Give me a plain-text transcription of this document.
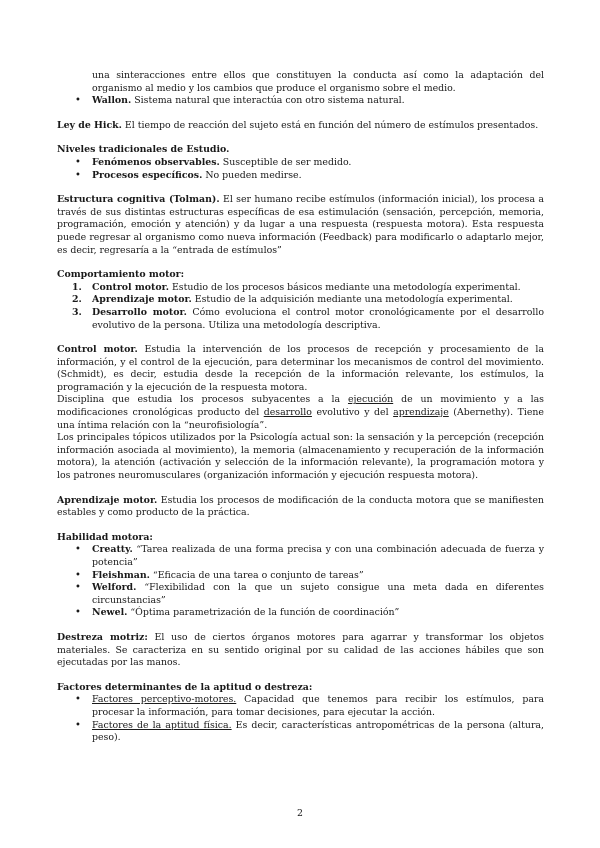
una sinteracciones entre ellos que constituyen la conducta así como la adaptación del organismo al medio y los cambios que produce el organismo sobre el medio.

• Wallon. Sistema natural que interactúa con otro sistema natural.

Ley de Hick. El tiempo de reacción del sujeto está en función del número de estímulos presentados.

Niveles tradicionales de Estudio.

• Fenómenos observables. Susceptible de ser medido.
• Procesos específicos. No pueden medirse.

Estructura cognitiva (Tolman). El ser humano recibe estímulos (información inicial), los procesa a través de sus distintas estructuras específicas de esa estimulación (sensación, percepción, memoria, programación, emoción y atención) y da lugar a una respuesta (respuesta motora). Esta respuesta puede regresar al organismo como nueva información (Feedback) para modificarlo o adaptarlo mejor, es decir, regresaría a la “entrada de estímulos”

Comportamiento motor:

1. Control motor. Estudio de los procesos básicos mediante una metodología experimental.
2. Aprendizaje motor. Estudio de la adquisición mediante una metodología experimental.
3. Desarrollo motor. Cómo evoluciona el control motor cronológicamente por el desarrollo evolutivo de la persona. Utiliza una metodología descriptiva.

Control motor. Estudia la intervención de los procesos de recepción y procesamiento de la información, y el control de la ejecución, para determinar los mecanismos de control del movimiento. (Schmidt), es decir, estudia desde la recepción de la información relevante, los estímulos, la programación y la ejecución de la respuesta motora.

Disciplina que estudia los procesos subyacentes a la ejecución de un movimiento y a las modificaciones cronológicas producto del desarrollo evolutivo y del aprendizaje (Abernethy). Tiene una íntima relación con la “neurofisiología”.

Los principales tópicos utilizados por la Psicología actual son: la sensación y la percepción (recepción información asociada al movimiento), la memoria (almacenamiento y recuperación de la información motora), la atención (activación y selección de la información relevante), la programación motora y los patrones neuromusculares (organización información y ejecución respuesta motora).

Aprendizaje motor. Estudia los procesos de modificación de la conducta motora que se manifiesten estables y como producto de la práctica.

Habilidad motora:

• Creatty. “Tarea realizada de una forma precisa y con una combinación adecuada de fuerza y potencia”
• Fleishman. “Eficacia de una tarea o conjunto de tareas”
• Welford. “Flexibilidad con la que un sujeto consigue una meta dada en diferentes circunstancias”
• Newel. “Óptima parametrización de la función de coordinación”

Destreza motriz: El uso de ciertos órganos motores para agarrar y transformar los objetos materiales. Se caracteriza en su sentido original por su calidad de las acciones hábiles que son ejecutadas por las manos.

Factores determinantes de la aptitud o destreza:

• Factores perceptivo-motores. Capacidad que tenemos para recibir los estímulos, para procesar la información, para tomar decisiones, para ejecutar la acción.
• Factores de la aptitud física. Es decir, características antropométricas de la persona (altura, peso).
2
